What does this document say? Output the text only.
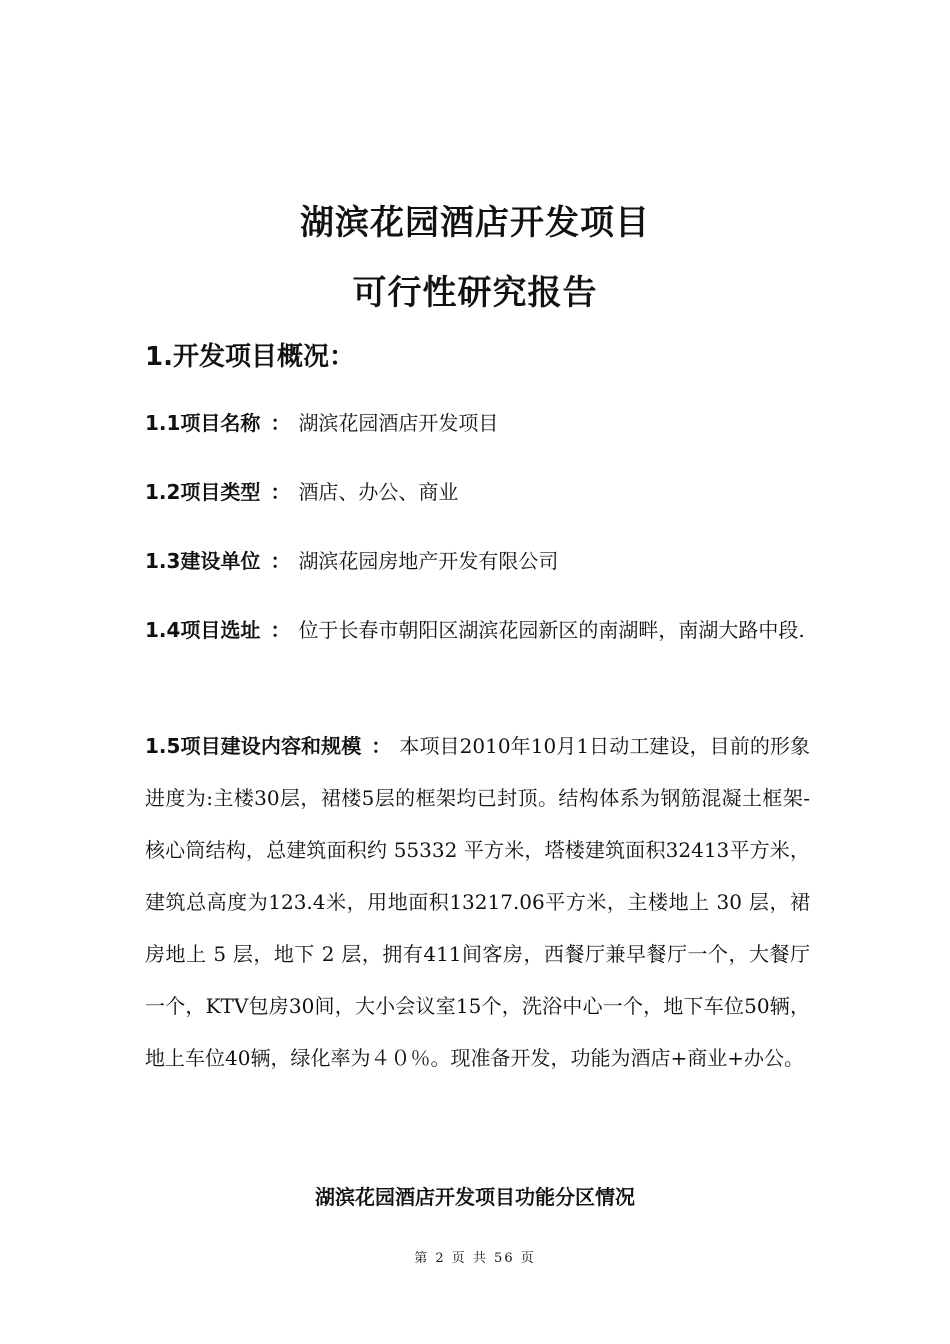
湖滨花园酒店开发项目
可行性研究报告
1.开发项目概况：
1.1项目名称 ： 湖滨花园酒店开发项目
1.2项目类型 ： 酒店、办公、商业
1.3建设单位 ： 湖滨花园房地产开发有限公司
1.4项目选址 ： 位于长春市朝阳区湖滨花园新区的南湖畔，南湖大路中段.
1.5项目建设内容和规模 ： 本项目2010年10月1日动工建设，目前的形象进度为:主楼30层，裙楼5层的框架均已封顶。结构体系为钢筋混凝土框架-核心筒结构，总建筑面积约 55332 平方米，塔楼建筑面积32413平方米，建筑总高度为123.4米，用地面积13217.06平方米，主楼地上 30 层，裙房地上 5 层，地下 2 层，拥有411间客房，西餐厅兼早餐厅一个，大餐厅一个，KTV包房30间，大小会议室15个，洗浴中心一个，地下车位50辆，地上车位40辆，绿化率为４０％。现准备开发，功能为酒店+商业+办公。
湖滨花园酒店开发项目功能分区情况
第 2 页 共 56 页
